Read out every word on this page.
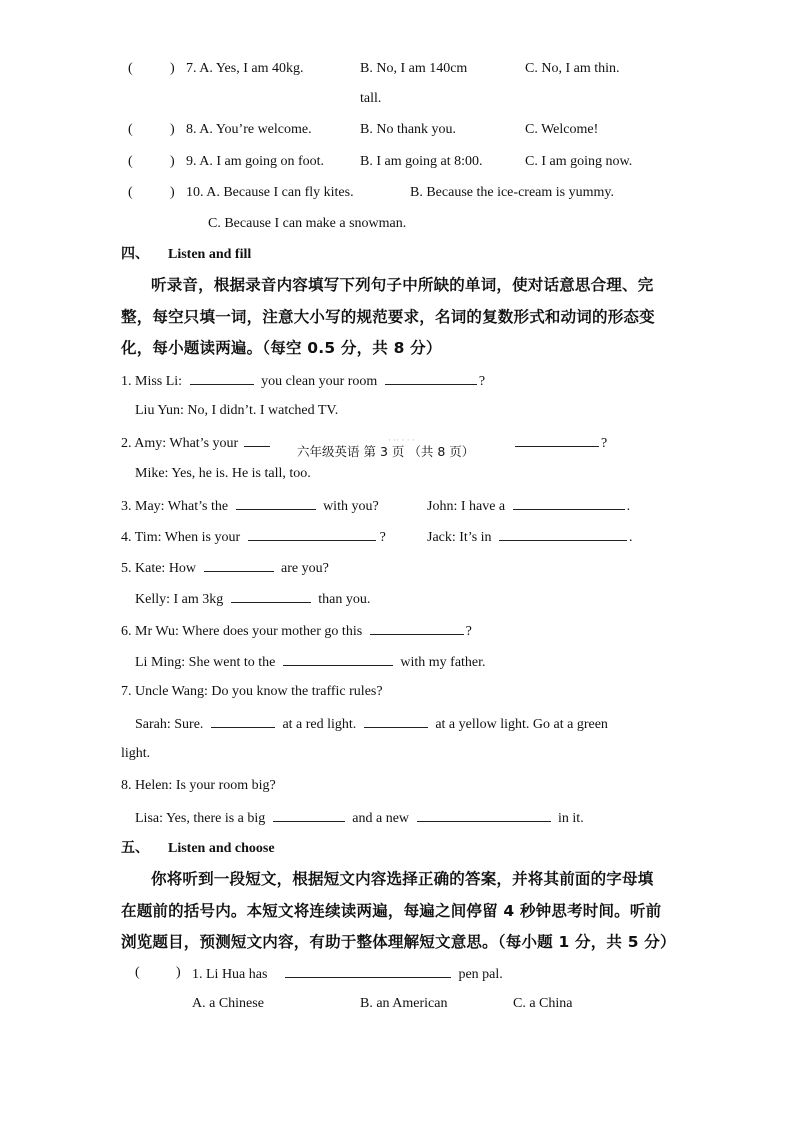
(	) 7. A. Yes, I am 40kg.	B. No, I am 140cm	C. No, I am thin.
tall.
(	) 8. A. You’re welcome.	B. No thank you.	C. Welcome!
(	) 9. A. I am going on foot.	B. I am going at 8:00.	C. I am going now.
(	) 10. A. Because I can fly kites.	B. Because the ice-cream is yummy.
C. Because I can make a snowman.
四、 Listen and fill
听录音，根据录音内容填写下列句子中所缺的单词，使对话意思合理、完
整，每空只填一词，注意大小写的规范要求，名词的复数形式和动词的形态变
化，每小题读两遍。（每空 0.5 分，共 8 分）
1. Miss Li:	you clean your room	?
Liu Yun: No, I didn’t. I watched TV.
2. Amy: What’s your
六年级英语 第 3 页 （共 8 页）
· ·· · · ·	?
Mike: Yes, he is. He is tall, too.
3. May: What’s the	with you?	John: I have a	.
4. Tim: When is your	?	Jack: It’s in	.
5. Kate: How	are you?
Kelly: I am 3kg	than you.
6. Mr Wu: Where does your mother go this	?
Li Ming: She went to the	with my father.
7. Uncle Wang: Do you know the traffic rules?
Sarah: Sure.	at a red light.	at a yellow light. Go at a green
light.
8. Helen: Is your room big?
Lisa: Yes, there is a big	and a new	in it.
五、 Listen and choose
你将听到一段短文，根据短文内容选择正确的答案，并将其前面的字母填
在题前的括号内。本短文将连续读两遍，每遍之间停留 4 秒钟思考时间。听前
浏览题目，预测短文内容，有助于整体理解短文意思。（每小题 1 分，共 5 分）
(	) 1. Li Hua has	pen pal.
A. a Chinese	B. an American	C. a China
